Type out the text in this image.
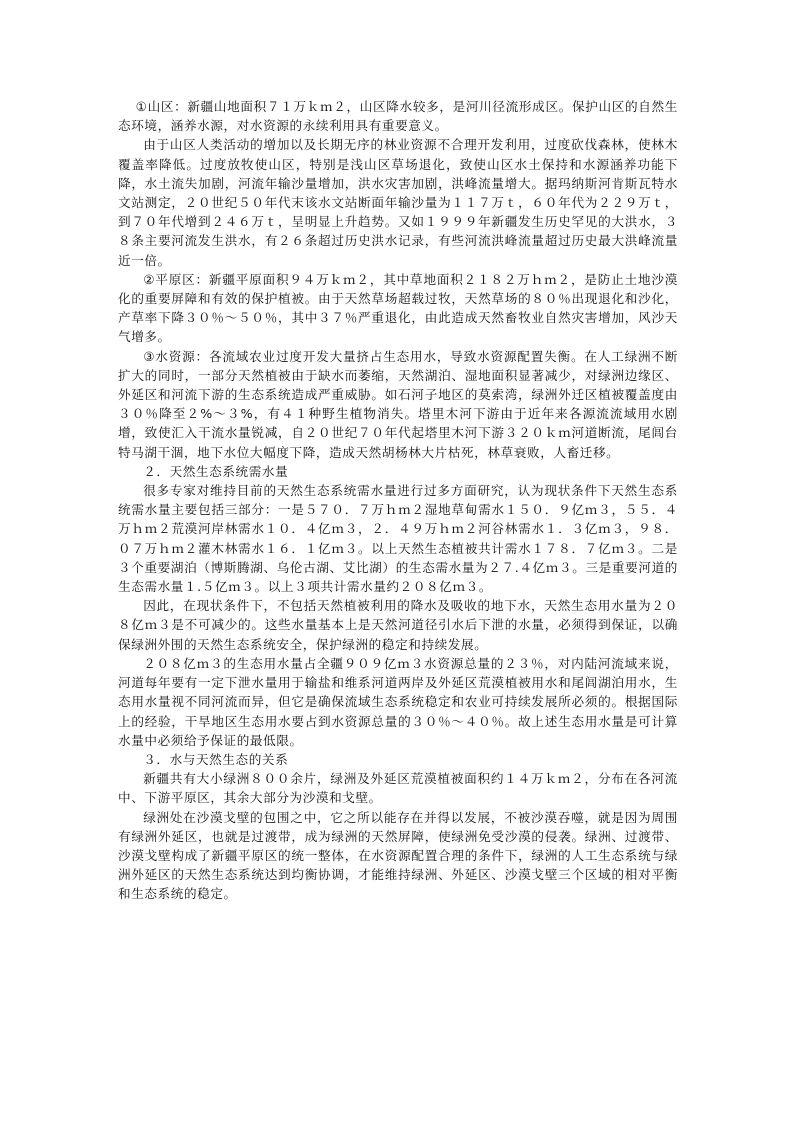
①山区：新疆山地面积７１万ｋｍ２，山区降水较多，是河川径流形成区。保护山区的自然生态环境，涵养水源，对水资源的永续利用具有重要意义。

由于山区人类活动的增加以及长期无序的林业资源不合理开发利用，过度砍伐森林，使林木覆盖率降低。过度放牧使山区，特别是浅山区草场退化，致使山区水土保持和水源涵养功能下降，水土流失加剧，河流年输沙量增加，洪水灾害加剧，洪峰流量增大。据玛纳斯河肯斯瓦特水文站测定，２０世纪５０年代末该水文站断面年输沙量为１１７万ｔ，６０年代为２２９万ｔ，到７０年代增到２４６万ｔ，呈明显上升趋势。又如１９９９年新疆发生历史罕见的大洪水，３８条主要河流发生洪水，有２６条超过历史洪水记录，有些河流洪峰流量超过历史最大洪峰流量近一倍。

②平原区：新疆平原面积９４万ｋｍ２，其中草地面积２１８２万ｈｍ２，是防止土地沙漠化的重要屏障和有效的保护植被。由于天然草场超载过牧，天然草场的８０％出现退化和沙化，产草率下降３０％～５０％，其中３７％严重退化，由此造成天然畜牧业自然灾害增加，风沙天气增多。

③水资源：各流域农业过度开发大量挤占生态用水，导致水资源配置失衡。在人工绿洲不断扩大的同时，一部分天然植被由于缺水而萎缩，天然湖泊、湿地面积显著减少，对绿洲边缘区、外延区和河流下游的生态系统造成严重威胁。如石河子地区的莫索湾，绿洲外迁区植被覆盖度由３０％降至２%～３%，有４１种野生植物消失。塔里木河下游由于近年来各源流流域用水剧增，致使汇入干流水量锐减，自２０世纪７０年代起塔里木河下游３２０ｋｍ河道断流，尾闾台特马湖干涸，地下水位大幅度下降，造成天然胡杨林大片枯死，林草衰败，人畜迁移。

２．天然生态系统需水量

很多专家对维持目前的天然生态系统需水量进行过多方面研究，认为现状条件下天然生态系统需水量主要包括三部分：一是５７０．７万ｈｍ２湿地草甸需水１５０．９亿ｍ３，５５．４万ｈｍ２荒漠河岸林需水１０．４亿ｍ３，２．４９万ｈｍ２河谷林需水１．３亿ｍ３，９８．０７万ｈｍ２灌木林需水１６．１亿ｍ３。以上天然生态植被共计需水１７８．７亿ｍ３。二是３个重要湖泊（博斯腾湖、乌伦古湖、艾比湖）的生态需水量为２７.４亿ｍ３。三是重要河道的生态需水量１.５亿ｍ３。以上３项共计需水量约２０８亿ｍ３。

因此，在现状条件下，不包括天然植被利用的降水及吸收的地下水，天然生态用水量为２０８亿ｍ３是不可减少的。这些水量基本上是天然河道径引水后下泄的水量，必须得到保证，以确保绿洲外围的天然生态系统安全，保护绿洲的稳定和持续发展。

２０８亿ｍ３的生态用水量占全疆９０９亿ｍ３水资源总量的２３％，对内陆河流域来说，河道每年要有一定下泄水量用于输盐和维系河道两岸及外延区荒漠植被用水和尾闾湖泊用水，生态用水量视不同河流而异，但它是确保流域生态系统稳定和农业可持续发展所必须的。根据国际上的经验，干旱地区生态用水要占到水资源总量的３０％～４０％。故上述生态用水量是可计算水量中必须给予保证的最低限。

３．水与天然生态的关系

新疆共有大小绿洲８００余片，绿洲及外延区荒漠植被面积约１４万ｋｍ２，分布在各河流中、下游平原区，其余大部分为沙漠和戈壁。

绿洲处在沙漠戈壁的包围之中，它之所以能存在并得以发展，不被沙漠吞噬，就是因为周围有绿洲外延区，也就是过渡带，成为绿洲的天然屏障，使绿洲免受沙漠的侵袭。绿洲、过渡带、沙漠戈壁构成了新疆平原区的统一整体，在水资源配置合理的条件下，绿洲的人工生态系统与绿洲外延区的天然生态系统达到均衡协调，才能维持绿洲、外延区、沙漠戈壁三个区域的相对平衡和生态系统的稳定。
